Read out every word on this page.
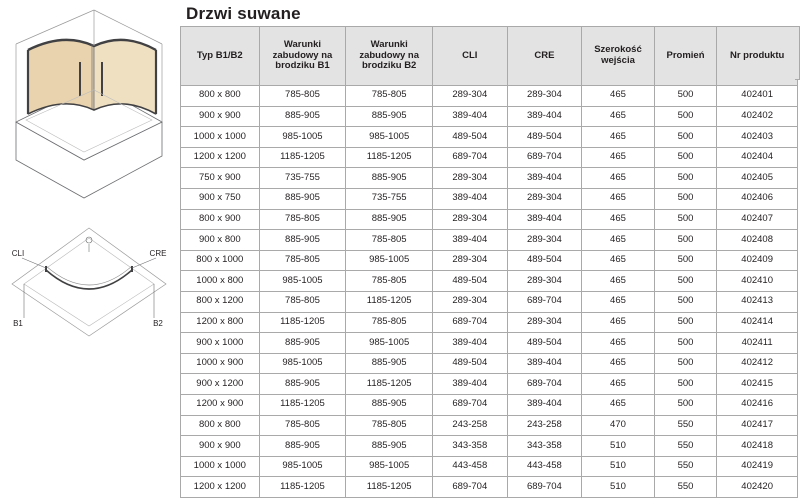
CLI	CRE
B1	B2
Drzwi suwane
Typ B1/B2	Warunki zabudowy na brodziku B1	Warunki zabudowy na brodziku B2	CLI	CRE	Szerokość wejścia	Promień	Nr produktu
800 x 800	785-805	785-805	289-304	289-304	465	500	402401
900 x 900	885-905	885-905	389-404	389-404	465	500	402402
1000 x 1000	985-1005	985-1005	489-504	489-504	465	500	402403
1200 x 1200	1185-1205	1185-1205	689-704	689-704	465	500	402404
750 x 900	735-755	885-905	289-304	389-404	465	500	402405
900 x 750	885-905	735-755	389-404	289-304	465	500	402406
800 x 900	785-805	885-905	289-304	389-404	465	500	402407
900 x 800	885-905	785-805	389-404	289-304	465	500	402408
800 x 1000	785-805	985-1005	289-304	489-504	465	500	402409
1000 x 800	985-1005	785-805	489-504	289-304	465	500	402410
800 x 1200	785-805	1185-1205	289-304	689-704	465	500	402413
1200 x 800	1185-1205	785-805	689-704	289-304	465	500	402414
900 x 1000	885-905	985-1005	389-404	489-504	465	500	402411
1000 x 900	985-1005	885-905	489-504	389-404	465	500	402412
900 x 1200	885-905	1185-1205	389-404	689-704	465	500	402415
1200 x 900	1185-1205	885-905	689-704	389-404	465	500	402416
800 x 800	785-805	785-805	243-258	243-258	470	550	402417
900 x 900	885-905	885-905	343-358	343-358	510	550	402418
1000 x 1000	985-1005	985-1005	443-458	443-458	510	550	402419
1200 x 1200	1185-1205	1185-1205	689-704	689-704	510	550	402420
